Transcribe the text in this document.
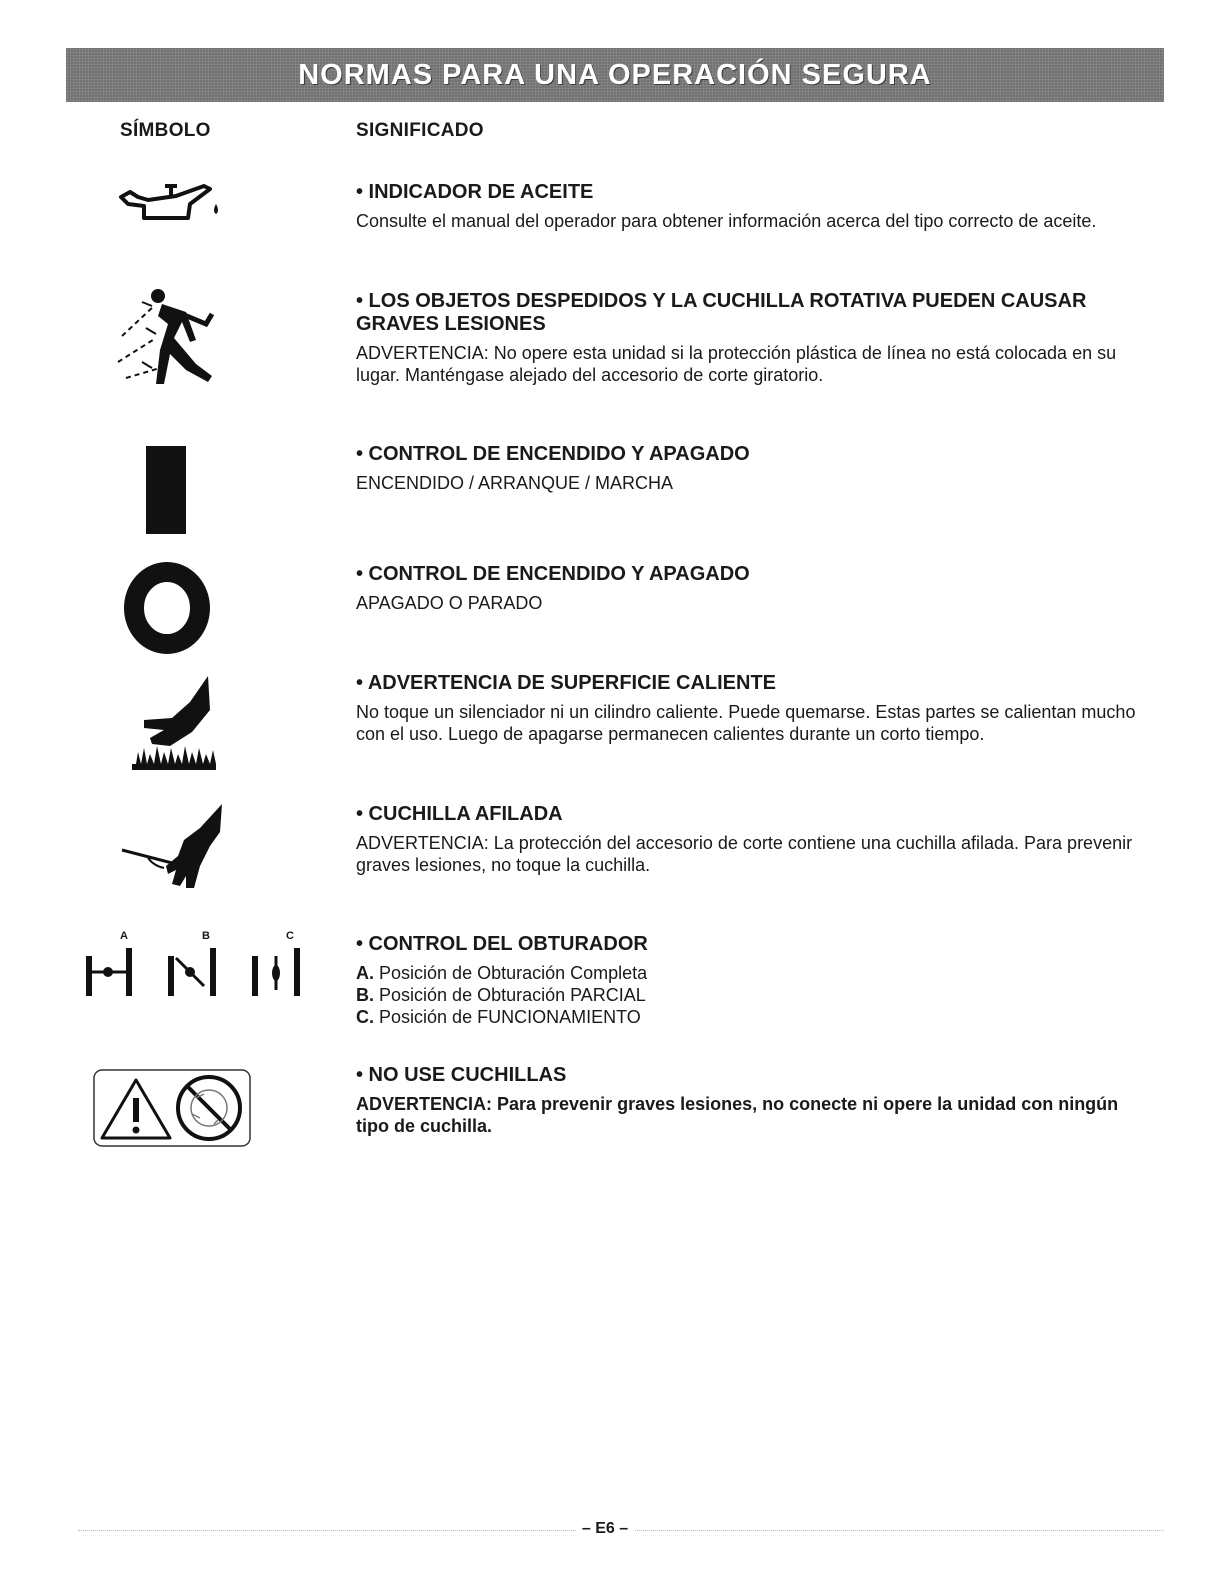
NORMAS PARA UNA OPERACIÓN SEGURA
SÍMBOLO	SIGNIFICADO
A	B	C
• INDICADOR DE ACEITE

Consulte el manual del operador para obtener información acerca del tipo correcto de aceite.

• LOS OBJETOS DESPEDIDOS Y LA CUCHILLA ROTATIVA PUEDEN CAUSAR GRAVES LESIONES

ADVERTENCIA: No opere esta unidad si la protección plástica de línea no está colocada en su lugar. Manténgase alejado del accesorio de corte giratorio.

• CONTROL DE ENCENDIDO Y APAGADO

ENCENDIDO / ARRANQUE / MARCHA

• CONTROL DE ENCENDIDO Y APAGADO

APAGADO O PARADO

• ADVERTENCIA DE SUPERFICIE CALIENTE

No toque un silenciador ni un cilindro caliente. Puede quemarse. Estas partes se calientan mucho con el uso. Luego de apagarse permanecen calientes durante un corto tiempo.

• CUCHILLA AFILADA

ADVERTENCIA: La protección del accesorio de corte contiene una cuchilla afilada. Para prevenir graves lesiones, no toque la cuchilla.

• CONTROL DEL OBTURADOR
A. Posición de Obturación Completa
B. Posición de Obturación PARCIAL
C. Posición de FUNCIONAMIENTO
• NO USE CUCHILLAS

ADVERTENCIA: Para prevenir graves lesiones, no conecte ni opere la unidad con ningún tipo de cuchilla.

– E6 –
